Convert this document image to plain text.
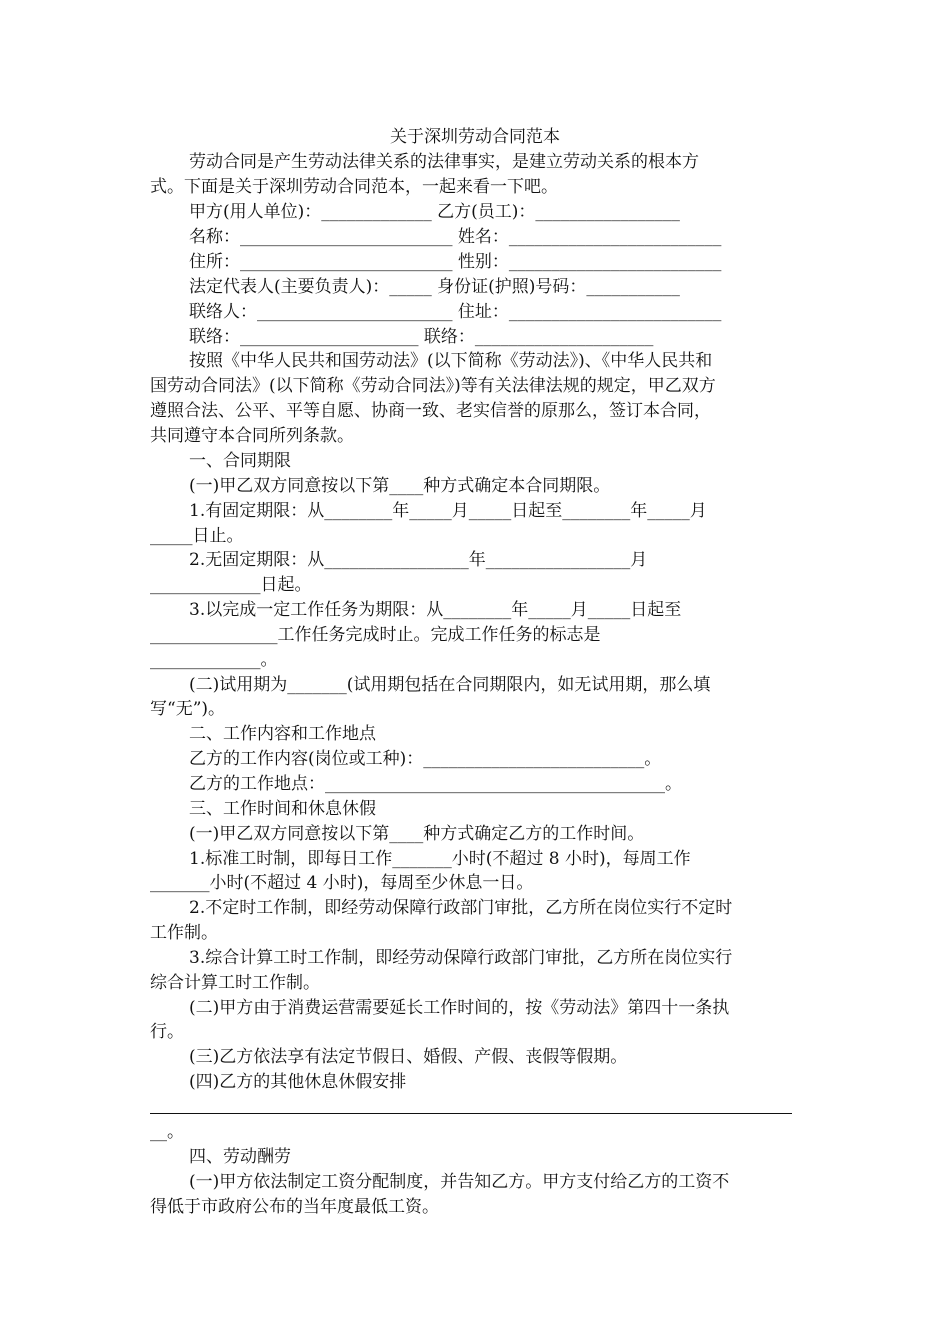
关于深圳劳动合同范本
劳动合同是产生劳动法律关系的法律事实，是建立劳动关系的根本方
式。下面是关于深圳劳动合同范本，一起来看一下吧。
甲方(用人单位)：_____________ 乙方(员工)：_________________
名称：_________________________ 姓名：_________________________
住所：_________________________ 性别：_________________________
法定代表人(主要负责人)：_____ 身份证(护照)号码：___________
联络人：_______________________ 住址：_________________________
联络：_____________________ 联络：_____________________
按照《中华人民共和国劳动法》(以下简称《劳动法》)、《中华人民共和
国劳动合同法》(以下简称《劳动合同法》)等有关法律法规的规定，甲乙双方
遵照合法、公平、平等自愿、协商一致、老实信誉的原那么，签订本合同，
共同遵守本合同所列条款。
一、合同期限
(一)甲乙双方同意按以下第____种方式确定本合同期限。
1.有固定期限：从________年_____月_____日起至________年_____月
_____日止。
2.无固定期限：从_________________年_________________月
_____________日起。
3.以完成一定工作任务为期限：从________年_____月_____日起至
_______________工作任务完成时止。完成工作任务的标志是
_____________。
(二)试用期为_______(试用期包括在合同期限内，如无试用期，那么填
写“无”)。
二、工作内容和工作地点
乙方的工作内容(岗位或工种)：__________________________。
乙方的工作地点：________________________________________。
三、工作时间和休息休假
(一)甲乙双方同意按以下第____种方式确定乙方的工作时间。
1.标准工时制，即每日工作_______小时(不超过 8 小时)，每周工作
_______小时(不超过 4 小时)，每周至少休息一日。
2.不定时工作制，即经劳动保障行政部门审批，乙方所在岗位实行不定时
工作制。
3.综合计算工时工作制，即经劳动保障行政部门审批，乙方所在岗位实行
综合计算工时工作制。
(二)甲方由于消费运营需要延长工作时间的，按《劳动法》第四十一条执
行。
(三)乙方依法享有法定节假日、婚假、产假、丧假等假期。
(四)乙方的其他休息休假安排
__。
四、劳动酬劳
(一)甲方依法制定工资分配制度，并告知乙方。甲方支付给乙方的工资不
得低于市政府公布的当年度最低工资。
